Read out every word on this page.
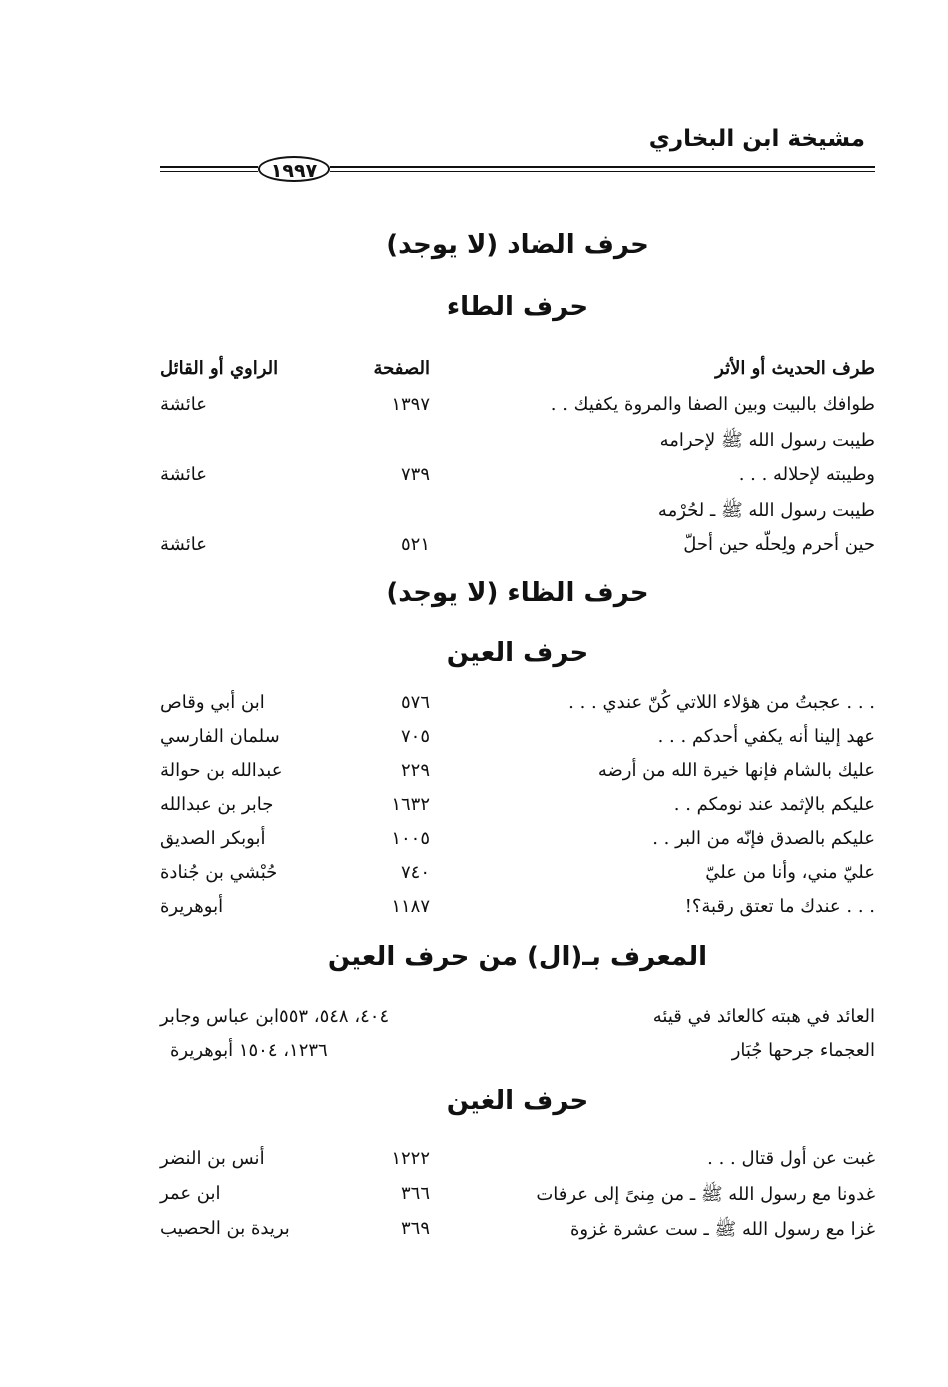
مشيخة ابن البخاري
١٩٩٧
حرف الضاد (لا يوجد)
حرف الطاء
طرف الحديث أو الأثر
الصفحة
الراوي أو القائل
طوافك بالبيت وبين الصفا والمروة يكفيك . .
١٣٩٧
عائشة
طيبت رسول الله ﷺ لإحرامه
وطيبته لإحلاله . . .
٧٣٩
عائشة
طيبت رسول الله ﷺ ـ لحُرْمه
حين أحرم ولِحلّه حين أحلّ
٥٢١
عائشة
حرف الظاء (لا يوجد)
حرف العين
. . . عجبتُ من هؤلاء اللاتي كُنّ عندي . . .
٥٧٦
ابن أبي وقاص
عهد إلينا أنه يكفي أحدكم . . .
٧٠٥
سلمان الفارسي
عليك بالشام فإنها خيرة الله من أرضه
٢٢٩
عبدالله بن حوالة
عليكم بالإثمد عند نومكم . .
١٦٣٢
جابر بن عبدالله
عليكم بالصدق فإنّه من البر . .
١٠٠٥
أبوبكر الصديق
عليّ مني، وأنا من عليّ
٧٤٠
حُبْشي بن جُنادة
. . . عندك ما تعتق رقبة؟!
١١٨٧
أبوهريرة
المعرف بـ(ال) من حرف العين
العائد في هبته كالعائد في قيئه
٤٠٤، ٥٤٨، ٥٥٣ابن عباس وجابر
العجماء جرحها جُبَار
١٢٣٦، ١٥٠٤ أبوهريرة
حرف الغين
غبت عن أول قتال . . .
١٢٢٢
أنس بن النضر
غدونا مع رسول الله ﷺ ـ من مِنىً إلى عرفات
٣٦٦
ابن عمر
غزا مع رسول الله ﷺ ـ ست عشرة غزوة
٣٦٩
بريدة بن الحصيب
